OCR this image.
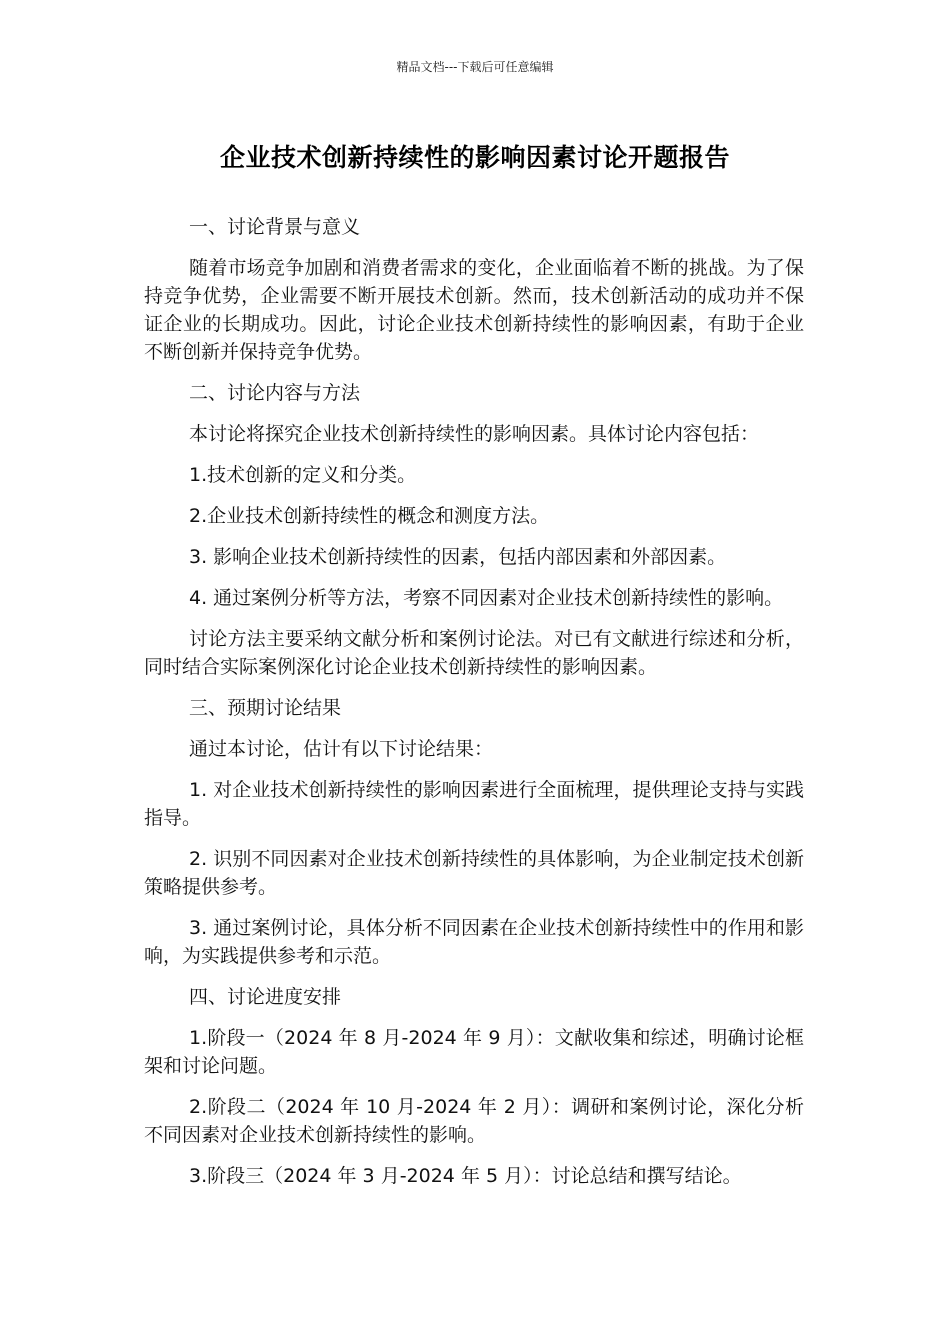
精品文档---下载后可任意编辑
企业技术创新持续性的影响因素讨论开题报告

一、讨论背景与意义

随着市场竞争加剧和消费者需求的变化，企业面临着不断的挑战。为了保持竞争优势，企业需要不断开展技术创新。然而，技术创新活动的成功并不保证企业的长期成功。因此，讨论企业技术创新持续性的影响因素，有助于企业不断创新并保持竞争优势。

二、讨论内容与方法

本讨论将探究企业技术创新持续性的影响因素。具体讨论内容包括：

1.技术创新的定义和分类。

2.企业技术创新持续性的概念和测度方法。

3. 影响企业技术创新持续性的因素，包括内部因素和外部因素。

4. 通过案例分析等方法，考察不同因素对企业技术创新持续性的影响。

讨论方法主要采纳文献分析和案例讨论法。对已有文献进行综述和分析，同时结合实际案例深化讨论企业技术创新持续性的影响因素。

三、预期讨论结果

通过本讨论，估计有以下讨论结果：

1. 对企业技术创新持续性的影响因素进行全面梳理，提供理论支持与实践指导。

2. 识别不同因素对企业技术创新持续性的具体影响，为企业制定技术创新策略提供参考。

3. 通过案例讨论，具体分析不同因素在企业技术创新持续性中的作用和影响，为实践提供参考和示范。

四、讨论进度安排

1.阶段一（2024 年 8 月-2024 年 9 月）：文献收集和综述，明确讨论框架和讨论问题。

2.阶段二（2024 年 10 月-2024 年 2 月）：调研和案例讨论，深化分析不同因素对企业技术创新持续性的影响。

3.阶段三（2024 年 3 月-2024 年 5 月）：讨论总结和撰写结论。
